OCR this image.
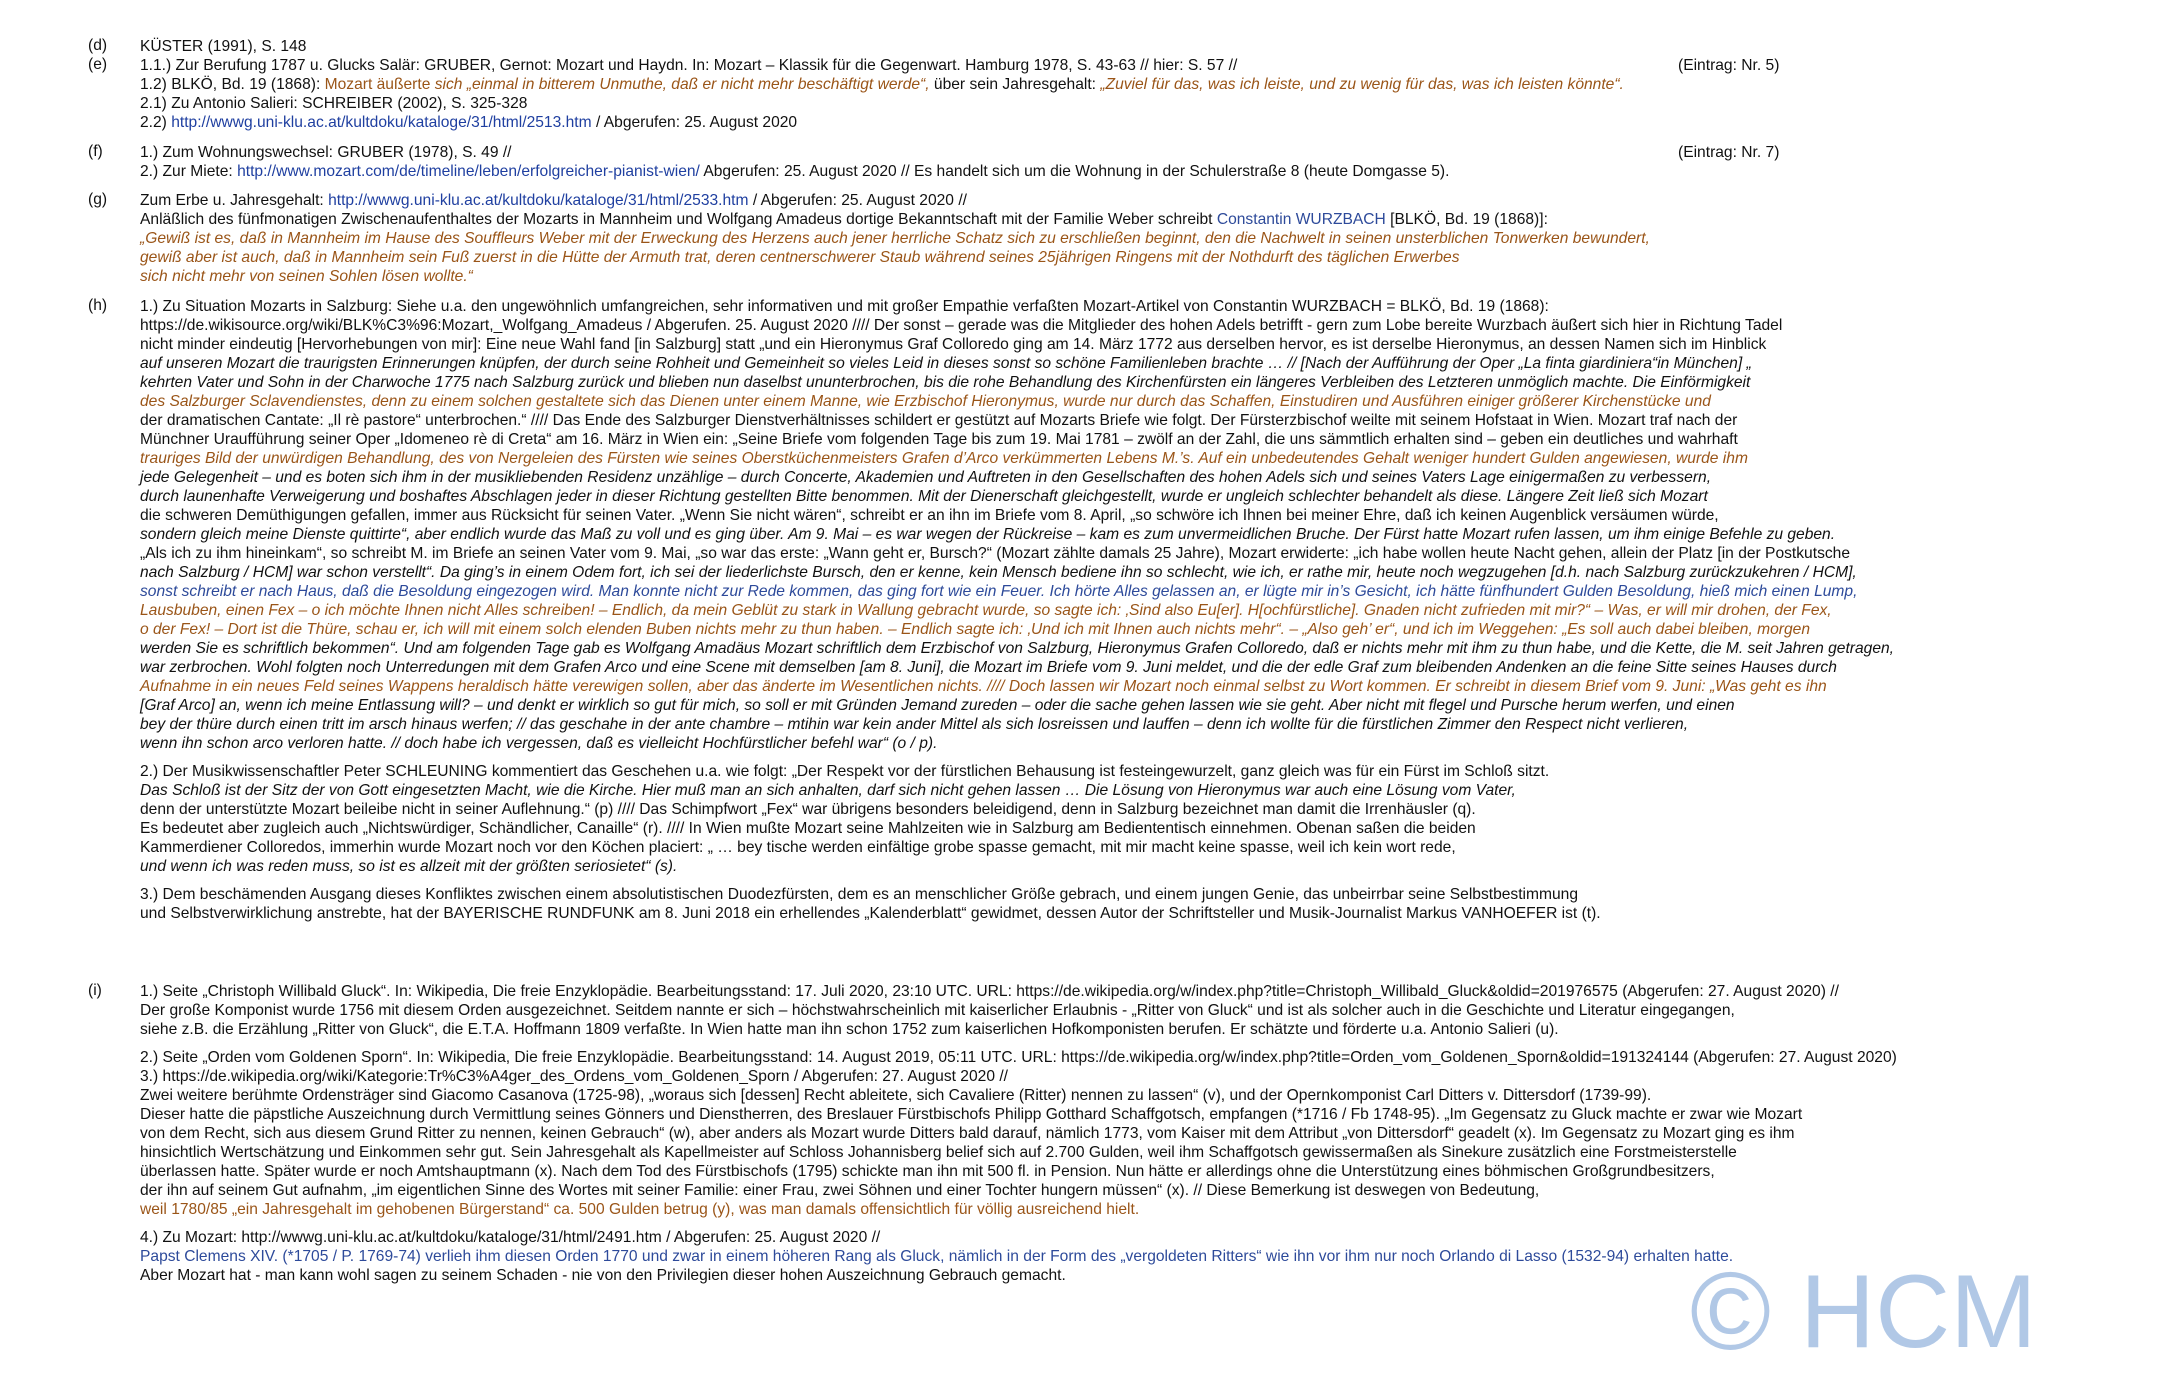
(d)	KÜSTER (1991), S. 148
(e)	1.1.) Zur Berufung 1787 u. Glucks Salär: GRUBER, Gernot: Mozart und Haydn. In: Mozart – Klassik für die Gegenwart. Hamburg 1978, S. 43-63 // hier: S. 57 //	(Eintrag: Nr. 5)
1.2) BLKÖ, Bd. 19 (1868): Mozart äußerte sich „einmal in bitterem Unmuthe, daß er nicht mehr beschäftigt werde“, über sein Jahresgehalt: „Zuviel für das, was ich leiste, und zu wenig für das, was ich leisten könnte“.
2.1) Zu Antonio Salieri: SCHREIBER (2002), S. 325-328
2.2) http://wwwg.uni-klu.ac.at/kultdoku/kataloge/31/html/2513.htm / Abgerufen: 25. August 2020
(f)	1.) Zum Wohnungswechsel: GRUBER (1978), S. 49 //	(Eintrag: Nr. 7)
2.) Zur Miete: http://www.mozart.com/de/timeline/leben/erfolgreicher-pianist-wien/ Abgerufen: 25. August 2020 // Es handelt sich um die Wohnung in der Schulerstraße 8 (heute Domgasse 5).
(g)	Zum Erbe u. Jahresgehalt: http://wwwg.uni-klu.ac.at/kultdoku/kataloge/31/html/2533.htm / Abgerufen: 25. August 2020 //
Anläßlich des fünfmonatigen Zwischenaufenthaltes der Mozarts in Mannheim und Wolfgang Amadeus dortige Bekanntschaft mit der Familie Weber schreibt Constantin WURZBACH [BLKÖ, Bd. 19 (1868)]:
„Gewiß ist es, daß in Mannheim im Hause des Souffleurs Weber mit der Erweckung des Herzens auch jener herrliche Schatz sich zu erschließen beginnt, den die Nachwelt in seinen unsterblichen Tonwerken bewundert,
gewiß aber ist auch, daß in Mannheim sein Fuß zuerst in die Hütte der Armuth trat, deren centnerschwerer Staub während seines 25jährigen Ringens mit der Nothdurft des täglichen Erwerbes
sich nicht mehr von seinen Sohlen lösen wollte.“
(h)	1.) Zu Situation Mozarts in Salzburg: Siehe u.a. den ungewöhnlich umfangreichen, sehr informativen und mit großer Empathie verfaßten Mozart-Artikel von Constantin WURZBACH = BLKÖ, Bd. 19 (1868):
https://de.wikisource.org/wiki/BLK%C3%96:Mozart,_Wolfgang_Amadeus / Abgerufen. 25. August 2020 //// Der sonst – gerade was die Mitglieder des hohen Adels betrifft - gern zum Lobe bereite Wurzbach äußert sich hier in Richtung Tadel
nicht minder eindeutig [Hervorhebungen von mir]: Eine neue Wahl fand [in Salzburg] statt „und ein Hieronymus Graf Colloredo ging am 14. März 1772 aus derselben hervor, es ist derselbe Hieronymus, an dessen Namen sich im Hinblick
auf unseren Mozart die traurigsten Erinnerungen knüpfen, der durch seine Rohheit und Gemeinheit so vieles Leid in dieses sonst so schöne Familienleben brachte … // [Nach der Aufführung der Oper „La finta giardiniera“in München] „
kehrten Vater und Sohn in der Charwoche 1775 nach Salzburg zurück und blieben nun daselbst ununterbrochen, bis die rohe Behandlung des Kirchenfürsten ein längeres Verbleiben des Letzteren unmöglich machte. Die Einförmigkeit
des Salzburger Sclavendienstes, denn zu einem solchen gestaltete sich das Dienen unter einem Manne, wie Erzbischof Hieronymus, wurde nur durch das Schaffen, Einstudiren und Ausführen einiger größerer Kirchenstücke und
der dramatischen Cantate: „Il rè pastore“ unterbrochen.“ //// Das Ende des Salzburger Dienstverhältnisses schildert er gestützt auf Mozarts Briefe wie folgt. Der Fürsterzbischof weilte mit seinem Hofstaat in Wien. Mozart traf nach der
Münchner Uraufführung seiner Oper „Idomeneo rè di Creta“ am 16. März in Wien ein: „Seine Briefe vom folgenden Tage bis zum 19. Mai 1781 – zwölf an der Zahl, die uns sämmtlich erhalten sind – geben ein deutliches und wahrhaft
trauriges Bild der unwürdigen Behandlung, des von Nergeleien des Fürsten wie seines Oberstküchenmeisters Grafen d’Arco verkümmerten Lebens M.’s. Auf ein unbedeutendes Gehalt weniger hundert Gulden angewiesen, wurde ihm
jede Gelegenheit – und es boten sich ihm in der musikliebenden Residenz unzählige – durch Concerte, Akademien und Auftreten in den Gesellschaften des hohen Adels sich und seines Vaters Lage einigermaßen zu verbessern,
durch launenhafte Verweigerung und boshaftes Abschlagen jeder in dieser Richtung gestellten Bitte benommen. Mit der Dienerschaft gleichgestellt, wurde er ungleich schlechter behandelt als diese. Längere Zeit ließ sich Mozart
die schweren Demüthigungen gefallen, immer aus Rücksicht für seinen Vater. „Wenn Sie nicht wären“, schreibt er an ihn im Briefe vom 8. April, „so schwöre ich Ihnen bei meiner Ehre, daß ich keinen Augenblick versäumen würde,
sondern gleich meine Dienste quittirte“, aber endlich wurde das Maß zu voll und es ging über. Am 9. Mai – es war wegen der Rückreise – kam es zum unvermeidlichen Bruche. Der Fürst hatte Mozart rufen lassen, um ihm einige Befehle zu geben.
„Als ich zu ihm hineinkam“, so schreibt M. im Briefe an seinen Vater vom 9. Mai, „so war das erste: „Wann geht er, Bursch?“ (Mozart zählte damals 25 Jahre), Mozart erwiderte: „ich habe wollen heute Nacht gehen, allein der Platz [in der Postkutsche
nach Salzburg / HCM] war schon verstellt“. Da ging’s in einem Odem fort, ich sei der liederlichste Bursch, den er kenne, kein Mensch bediene ihn so schlecht, wie ich, er rathe mir, heute noch wegzugehen [d.h. nach Salzburg zurückzukehren / HCM],
sonst schreibt er nach Haus, daß die Besoldung eingezogen wird. Man konnte nicht zur Rede kommen, das ging fort wie ein Feuer. Ich hörte Alles gelassen an, er lügte mir in’s Gesicht, ich hätte fünfhundert Gulden Besoldung, hieß mich einen Lump,
Lausbuben, einen Fex – o ich möchte Ihnen nicht Alles schreiben! – Endlich, da mein Geblüt zu stark in Wallung gebracht wurde, so sagte ich: ‚Sind also Eu[er]. H[ochfürstliche]. Gnaden nicht zufrieden mit mir?“ – Was, er will mir drohen, der Fex,
o der Fex! – Dort ist die Thüre, schau er, ich will mit einem solch elenden Buben nichts mehr zu thun haben. – Endlich sagte ich: ‚Und ich mit Ihnen auch nichts mehr“. – „Also geh’ er“, und ich im Weggehen: „Es soll auch dabei bleiben, morgen
werden Sie es schriftlich bekommen“. Und am folgenden Tage gab es Wolfgang Amadäus Mozart schriftlich dem Erzbischof von Salzburg, Hieronymus Grafen Colloredo, daß er nichts mehr mit ihm zu thun habe, und die Kette, die M. seit Jahren getragen,
war zerbrochen. Wohl folgten noch Unterredungen mit dem Grafen Arco und eine Scene mit demselben [am 8. Juni], die Mozart im Briefe vom 9. Juni meldet, und die der edle Graf zum bleibenden Andenken an die feine Sitte seines Hauses durch
Aufnahme in ein neues Feld seines Wappens heraldisch hätte verewigen sollen, aber das änderte im Wesentlichen nichts. //// Doch lassen wir Mozart noch einmal selbst zu Wort kommen. Er schreibt in diesem Brief vom 9. Juni: „Was geht es ihn
[Graf Arco] an, wenn ich meine Entlassung will? – und denkt er wirklich so gut für mich, so soll er mit Gründen Jemand zureden – oder die sache gehen lassen wie sie geht. Aber nicht mit flegel und Pursche herum werfen, und einen
bey der thüre durch einen tritt im arsch hinaus werfen; // das geschahe in der ante chambre – mtihin war kein ander Mittel als sich losreissen und lauffen – denn ich wollte für die fürstlichen Zimmer den Respect nicht verlieren,
wenn ihn schon arco verloren hatte. // doch habe ich vergessen, daß es vielleicht Hochfürstlicher befehl war“ (o / p).
2.) Der Musikwissenschaftler Peter SCHLEUNING kommentiert das Geschehen u.a. wie folgt: „Der Respekt vor der fürstlichen Behausung ist festeingewurzelt, ganz gleich was für ein Fürst im Schloß sitzt.
Das Schloß ist der Sitz der von Gott eingesetzten Macht, wie die Kirche. Hier muß man an sich anhalten, darf sich nicht gehen lassen … Die Lösung von Hieronymus war auch eine Lösung vom Vater,
denn der unterstützte Mozart beileibe nicht in seiner Auflehnung.“ (p) //// Das Schimpfwort „Fex“ war übrigens besonders beleidigend, denn in Salzburg bezeichnet man damit die Irrenhäusler (q).
Es bedeutet aber zugleich auch „Nichtswürdiger, Schändlicher, Canaille“ (r). //// In Wien mußte Mozart seine Mahlzeiten wie in Salzburg am Bediententisch einnehmen. Obenan saßen die beiden
Kammerdiener Colloredos, immerhin wurde Mozart noch vor den Köchen placiert: „ … bey tische werden einfältige grobe spasse gemacht, mit mir macht keine spasse, weil ich kein wort rede,
und wenn ich was reden muss, so ist es allzeit mit der größten seriosietet“ (s).
3.) Dem beschämenden Ausgang dieses Konfliktes zwischen einem absolutistischen Duodezfürsten, dem es an menschlicher Größe gebrach, und einem jungen Genie, das unbeirrbar seine Selbstbestimmung
und Selbstverwirklichung anstrebte, hat der BAYERISCHE RUNDFUNK am 8. Juni 2018 ein erhellendes „Kalenderblatt“ gewidmet, dessen Autor der Schriftsteller und Musik-Journalist Markus VANHOEFER ist (t).
(i)	1.) Seite „Christoph Willibald Gluck“. In: Wikipedia, Die freie Enzyklopädie. Bearbeitungsstand: 17. Juli 2020, 23:10 UTC. URL: https://de.wikipedia.org/w/index.php?title=Christoph_Willibald_Gluck&oldid=201976575 (Abgerufen: 27. August 2020) //
Der große Komponist wurde 1756 mit diesem Orden ausgezeichnet. Seitdem nannte er sich – höchstwahrscheinlich mit kaiserlicher Erlaubnis - „Ritter von Gluck“ und ist als solcher auch in die Geschichte und Literatur eingegangen,
siehe z.B. die Erzählung „Ritter von Gluck“, die E.T.A. Hoffmann 1809 verfaßte. In Wien hatte man ihn schon 1752 zum kaiserlichen Hofkomponisten berufen. Er schätzte und förderte u.a. Antonio Salieri (u).
2.) Seite „Orden vom Goldenen Sporn“. In: Wikipedia, Die freie Enzyklopädie. Bearbeitungsstand: 14. August 2019, 05:11 UTC. URL: https://de.wikipedia.org/w/index.php?title=Orden_vom_Goldenen_Sporn&oldid=191324144 (Abgerufen: 27. August 2020)
3.) https://de.wikipedia.org/wiki/Kategorie:Tr%C3%A4ger_des_Ordens_vom_Goldenen_Sporn / Abgerufen: 27. August 2020 //
Zwei weitere berühmte Ordensträger sind Giacomo Casanova (1725-98), „woraus sich [dessen] Recht ableitete, sich Cavaliere (Ritter) nennen zu lassen“ (v), und der Opernkomponist Carl Ditters v. Dittersdorf (1739-99).
Dieser hatte die päpstliche Auszeichnung durch Vermittlung seines Gönners und Dienstherren, des Breslauer Fürstbischofs Philipp Gotthard Schaffgotsch, empfangen (*1716 / Fb 1748-95). „Im Gegensatz zu Gluck machte er zwar wie Mozart
von dem Recht, sich aus diesem Grund Ritter zu nennen, keinen Gebrauch“ (w), aber anders als Mozart wurde Ditters bald darauf, nämlich 1773, vom Kaiser mit dem Attribut „von Dittersdorf“ geadelt (x). Im Gegensatz zu Mozart ging es ihm
hinsichtlich Wertschätzung und Einkommen sehr gut. Sein Jahresgehalt als Kapellmeister auf Schloss Johannisberg belief sich auf 2.700 Gulden, weil ihm Schaffgotsch gewissermaßen als Sinekure zusätzlich eine Forstmeisterstelle
überlassen hatte. Später wurde er noch Amtshauptmann (x). Nach dem Tod des Fürstbischofs (1795) schickte man ihn mit 500 fl. in Pension. Nun hätte er allerdings ohne die Unterstützung eines böhmischen Großgrundbesitzers,
der ihn auf seinem Gut aufnahm, „im eigentlichen Sinne des Wortes mit seiner Familie: einer Frau, zwei Söhnen und einer Tochter hungern müssen“ (x). // Diese Bemerkung ist deswegen von Bedeutung,
weil 1780/85 „ein Jahresgehalt im gehobenen Bürgerstand“ ca. 500 Gulden betrug (y), was man damals offensichtlich für völlig ausreichend hielt.
4.) Zu Mozart: http://wwwg.uni-klu.ac.at/kultdoku/kataloge/31/html/2491.htm / Abgerufen: 25. August 2020 //
Papst Clemens XIV. (*1705 / P. 1769-74) verlieh ihm diesen Orden 1770 und zwar in einem höheren Rang als Gluck, nämlich in der Form des „vergoldeten Ritters“ wie ihn vor ihm nur noch Orlando di Lasso (1532-94) erhalten hatte.
Aber Mozart hat - man kann wohl sagen zu seinem Schaden - nie von den Privilegien dieser hohen Auszeichnung Gebrauch gemacht.	© HCM
